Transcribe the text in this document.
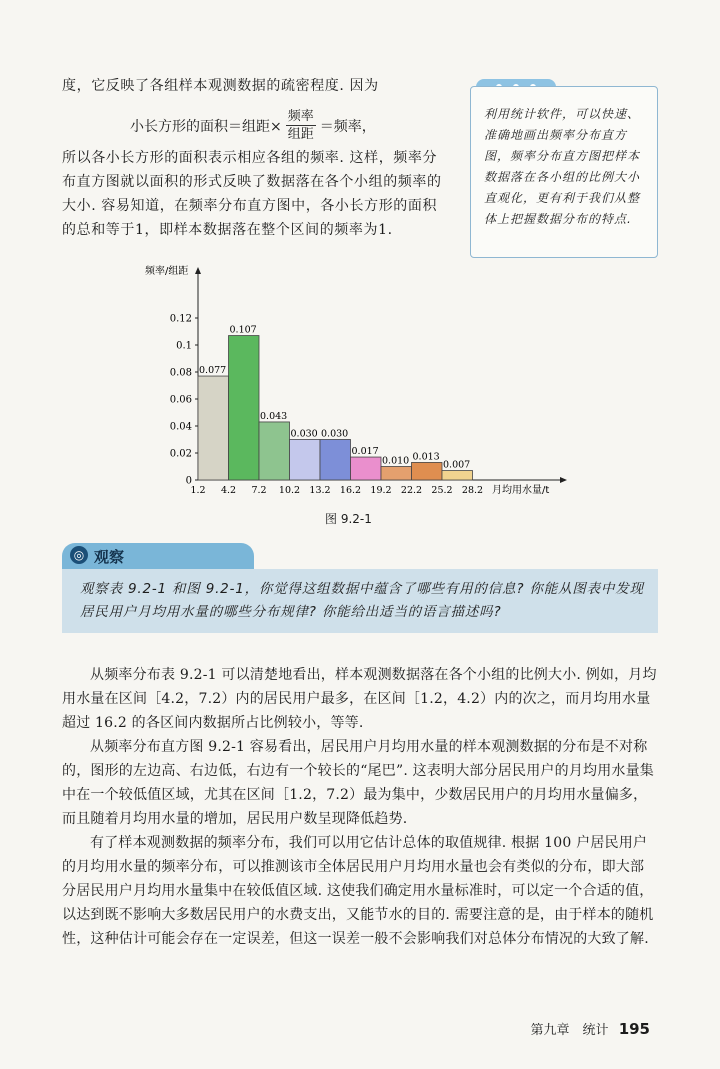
度，它反映了各组样本观测数据的疏密程度. 因为
小长方形的面积＝组距× $\frac{\text{频率}}{\text{组距}}$ ＝频率，

所以各小长方形的面积表示相应各组的频率. 这样，频率分

布直方图就以面积的形式反映了数据落在各个小组的频率的

大小. 容易知道，在频率分布直方图中，各小长方形的面积

的总和等于1，即样本数据落在整个区间的频率为1.

利用统计软件，可以快速、准确地画出频率分布直方图，频率分布直方图把样本数据落在各小组的比例大小直观化，更有利于我们从整体上把握数据分布的特点.
频率/组距
月均用水量/t
0.077
0.107
0.043
0.030 0.030
0.017
0.010 0.013
0.007
0
0.02
0.04
0.06
0.08
0.1
0.12
1.2 4.2 7.2 10.2 13.2 16.2 19.2 22.2 25.2 28.2
图 9.2-1
◎ 观察
观察表 9.2-1 和图 9.2-1，你觉得这组数据中蕴含了哪些有用的信息? 你能从图表中发现居民用户月均用水量的哪些分布规律? 你能给出适当的语言描述吗?

从频率分布表 9.2-1 可以清楚地看出，样本观测数据落在各个小组的比例大小. 例如，月均用水量在区间［4.2，7.2）内的居民用户最多，在区间［1.2，4.2）内的次之，而月均用水量超过 16.2 的各区间内数据所占比例较小，等等.

从频率分布直方图 9.2-1 容易看出，居民用户月均用水量的样本观测数据的分布是不对称的，图形的左边高、右边低，右边有一个较长的“尾巴”. 这表明大部分居民用户的月均用水量集中在一个较低值区域，尤其在区间［1.2，7.2）最为集中，少数居民用户的月均用水量偏多，而且随着月均用水量的增加，居民用户数呈现降低趋势.

有了样本观测数据的频率分布，我们可以用它估计总体的取值规律. 根据 100 户居民用户的月均用水量的频率分布，可以推测该市全体居民用户月均用水量也会有类似的分布，即大部分居民用户月均用水量集中在较低值区域. 这使我们确定用水量标准时，可以定一个合适的值，以达到既不影响大多数居民用户的水费支出，又能节水的目的. 需要注意的是，由于样本的随机性，这种估计可能会存在一定误差，但这一误差一般不会影响我们对总体分布情况的大致了解.

第九章　统计 195
